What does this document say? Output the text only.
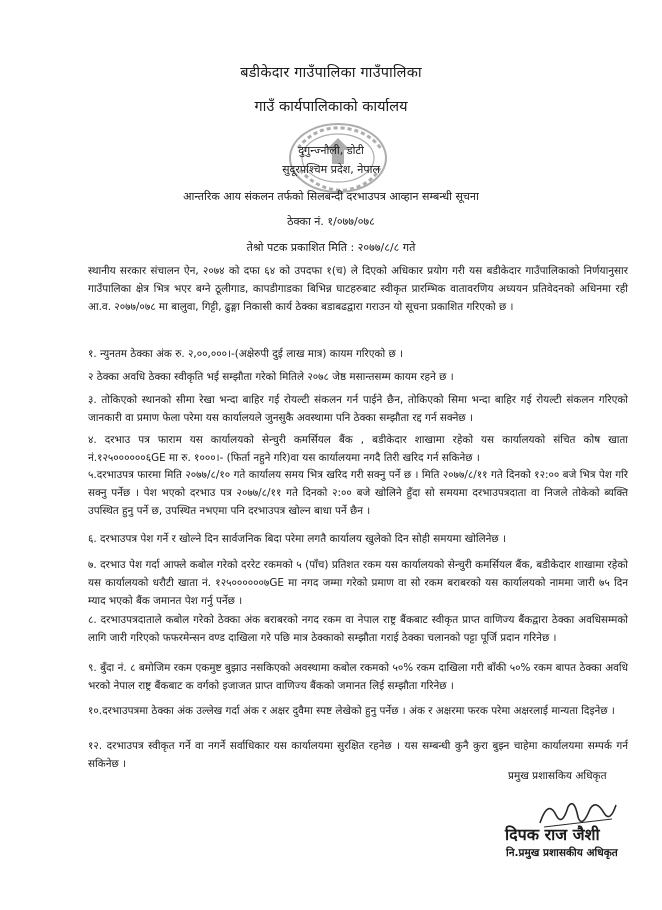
बडीकेदार गाउँपालिका गाउँपालिका
गाउँ कार्यपालिकाको कार्यालय
दुगुन्ज्नौली, डोटी
सुदूरपश्चिम प्रदेश, नेपाल
आन्तरिक आय संकलन तर्फको सिलबन्दी दरभाउपत्र आव्हान सम्बन्धी सूचना
ठेक्का नं. १/०७७/०७८
तेश्रो पटक प्रकाशित मिति : २०७७/८/८ गते
स्थानीय सरकार संचालन ऐन, २०७४ को दफा ६४ को उपदफा १(च) ले दिएको अधिकार प्रयोग गरी यस बडीकेदार गाउँपालिकाको निर्णयानुसार गाउँपालिका क्षेत्र भित्र भएर बग्ने ठूलीगाड, कापडीगाडका बिभिन्न घाटहरुबाट स्वीकृत प्रारम्भिक वातावरणिय अध्ययन प्रतिवेदनको अधिनमा रही आ.व. २०७७/०७८ मा बालुवा, गिट्टी, ढुङ्गा निकासी कार्य ठेक्का बडाबढद्वारा गराउन यो सूचना प्रकाशित गरिएको छ ।
१. न्युनतम ठेक्का अंक रु. २,००,०००।-(अक्षेरुपी दुई लाख मात्र) कायम गरिएको छ ।
२ ठेक्का अवधि ठेक्का स्वीकृति भई सम्झौता गरेको मितिले २०७८ जेष्ठ मसान्तसम्म कायम रहने छ ।
३. तोकिएको स्थानको सीमा रेखा भन्दा बाहिर गई रोयल्टी संकलन गर्न पाईने छैन, तोकिएको सिमा भन्दा बाहिर गई रोयल्टी संकलन गरिएको जानकारी वा प्रमाण फेला परेमा यस कार्यालयले जुनसुकै अवस्थामा पनि ठेक्का सम्झौता रद्द गर्न सक्नेछ ।
४. दरभाउ पत्र फाराम यस कार्यालयको सेन्चुरी कमर्सियल बैंक , बडीकेदार शाखामा रहेको यस कार्यालयको संचित कोष खाता नं.१२५००००००६GE मा रु. १०००।- (फिर्ता नहुने गरि)वा यस कार्यालयमा नगदै तिरी खरिद गर्न सकिनेछ ।
५.दरभाउपत्र फारमा मिति २०७७/८/१० गते कार्यालय समय भित्र खरिद गरी सक्नु पर्ने छ । मिति २०७७/८/११ गते दिनको १२:०० बजे भित्र पेश गरि सक्नु पर्नेछ । पेश भएको दरभाउ पत्र २०७७/८/११ गते दिनको २:०० बजे खोलिने हुँदा सो समयमा दरभाउपत्रदाता वा निजले तोकेको ब्यक्ति उपस्थित हुनु पर्ने छ, उपस्थित नभएमा पनि दरभाउपत्र खोल्न बाधा पर्ने छैन ।
६. दरभाउपत्र पेश गर्ने र खोल्ने दिन सार्वजनिक बिदा परेमा लगतै कार्यालय खुलेको दिन सोही समयमा खोलिनेछ ।
७. दरभाउ पेश गर्दा आफ्ले कबोल गरेको दररेट रकमको ५ (पाँच) प्रतिशत रकम यस कार्यालयको सेन्चुरी कमर्सियल बैंक, बडीकेदार शाखामा रहेको यस कार्यालयको धरौटी खाता नं. १२५००००००७GE मा नगद जम्मा गरेको प्रमाण वा सो रकम बराबरको यस कार्यालयको नाममा जारी ७५ दिन म्याद भएको बैंक जमानत पेश गर्नु पर्नेछ ।
८. दरभाउपत्रदाताले कबोल गरेको ठेक्का अंक बराबरको नगद रकम वा नेपाल राष्ट्र बैंकबाट स्वीकृत प्राप्त वाणिज्य बैंकद्वारा ठेक्का अवधिसम्मको लागि जारी गरिएको फफरमेन्सन वण्ड दाखिला गरे पछि मात्र ठेक्काको सम्झौता गराई ठेक्का चलानको पट्टा पूर्जि प्रदान गरिनेछ ।
९. बुँदा नं. ८ बमोजिम रकम एकमुष्ट बुझाउ नसकिएको अवस्थामा कबोल रकमको ५०% रकम दाखिला गरी बाँकी ५०% रकम बापत ठेक्का अवधि भरको नेपाल राष्ट्र बैंकबाट क वर्गको इजाजत प्राप्त वाणिज्य बैंकको जमानत लिई सम्झौता गरिनेछ ।
१०.दरभाउपत्रमा ठेक्का अंक उल्लेख गर्दा अंक र अक्षर दुवैमा स्पष्ट लेखेको हुनु पर्नेछ । अंक र अक्षरमा फरक परेमा अक्षरलाई मान्यता दिइनेछ ।
१२. दरभाउपत्र स्वीकृत गर्ने वा नगर्ने सर्वाधिकार यस कार्यालयमा सुरक्षित रहनेछ । यस सम्बन्धी कुनै कुरा बुझ्न चाहेमा कार्यालयमा सम्पर्क गर्न सकिनेछ ।
प्रमुख प्रशासकिय अधिकृत
दिपक राज जैशी
नि.प्रमुख प्रशासकीय अधिकृत
